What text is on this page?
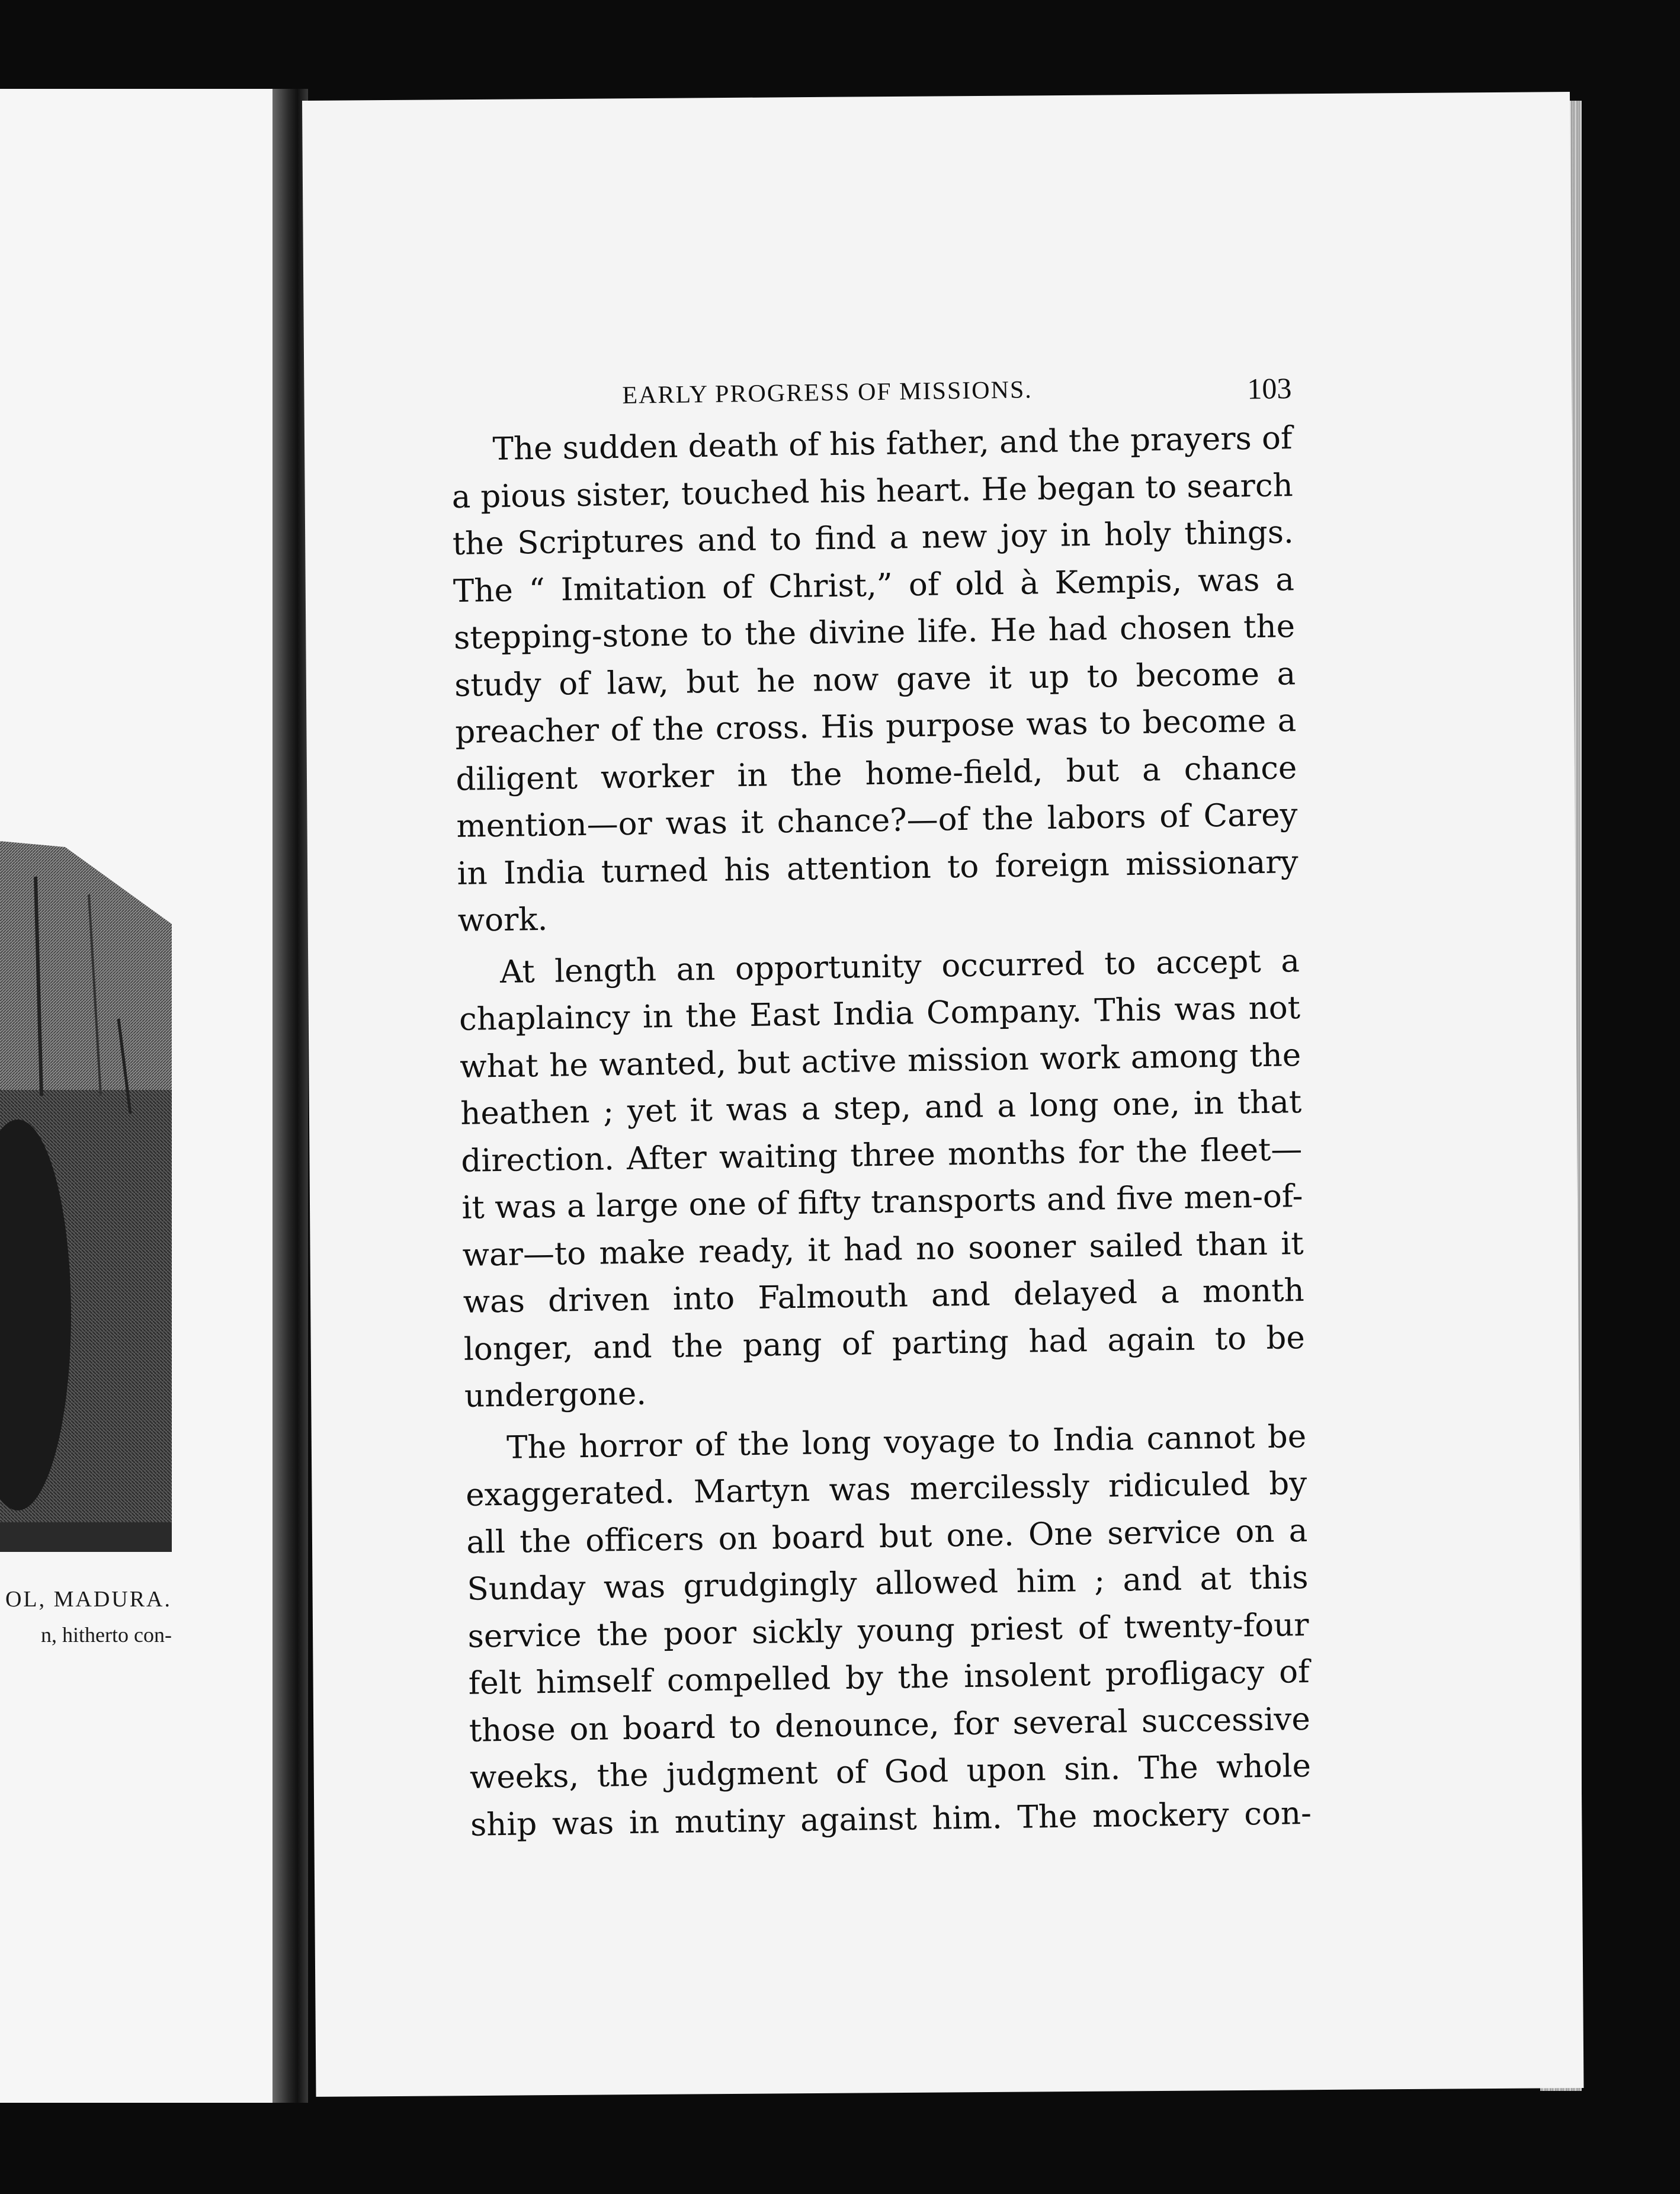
OL, MADURA.
n, hitherto con-
EARLY PROGRESS OF MISSIONS.	103

The sudden death of his father, and the prayers of a pious sister, touched his heart. He began to search the Scriptures and to find a new joy in holy things. The “ Imitation of Christ,” of old à Kempis, was a stepping-stone to the divine life. He had chosen the study of law, but he now gave it up to become a preacher of the cross. His purpose was to become a diligent worker in the home-field, but a chance mention—or was it chance?—of the labors of Carey in India turned his attention to foreign missionary work.

At length an opportunity occurred to accept a chaplaincy in the East India Company. This was not what he wanted, but active mission work among the heathen ; yet it was a step, and a long one, in that direction. After waiting three months for the fleet—it was a large one of fifty transports and five men-of-war—to make ready, it had no sooner sailed than it was driven into Falmouth and delayed a month longer, and the pang of parting had again to be undergone.

The horror of the long voyage to India cannot be exaggerated. Martyn was mercilessly ridiculed by all the officers on board but one. One service on a Sunday was grudgingly allowed him ; and at this service the poor sickly young priest of twenty-four felt himself compelled by the insolent profligacy of those on board to denounce, for several successive weeks, the judgment of God upon sin. The whole ship was in mutiny against him. The mockery con-
